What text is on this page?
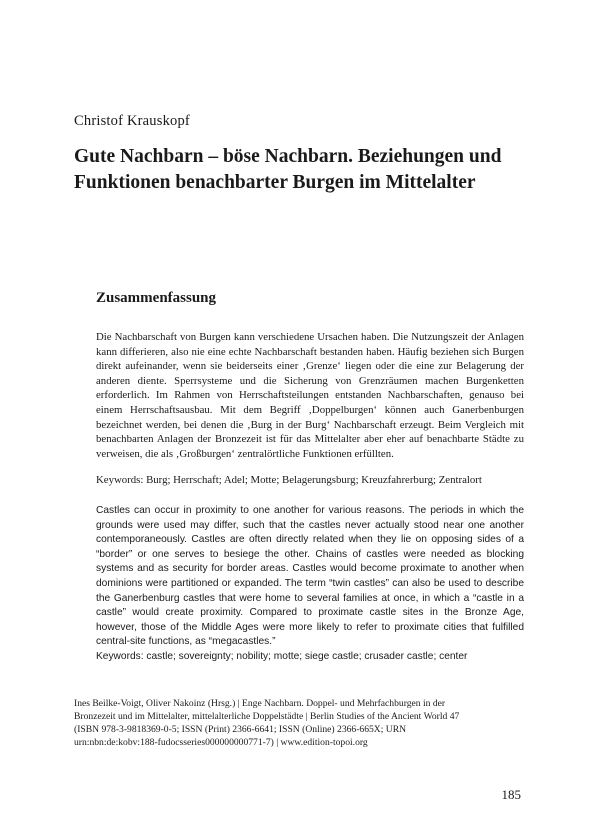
Christof Krauskopf
Gute Nachbarn – böse Nachbarn. Beziehungen und Funktionen benachbarter Burgen im Mittelalter
Zusammenfassung

Die Nachbarschaft von Burgen kann verschiedene Ursachen haben. Die Nutzungszeit der Anlagen kann differieren, also nie eine echte Nachbarschaft bestanden haben. Häufig beziehen sich Burgen direkt aufeinander, wenn sie beiderseits einer ‚Grenze‘ liegen oder die eine zur Belagerung der anderen diente. Sperrsysteme und die Sicherung von Grenzräumen machen Burgenketten erforderlich. Im Rahmen von Herrschaftsteilungen entstanden Nachbarschaften, genauso bei einem Herrschaftsausbau. Mit dem Begriff ‚Doppelburgen‘ können auch Ganerbenburgen bezeichnet werden, bei denen die ‚Burg in der Burg‘ Nachbarschaft erzeugt. Beim Vergleich mit benachbarten Anlagen der Bronzezeit ist für das Mittelalter aber eher auf benachbarte Städte zu verweisen, die als ‚Großburgen‘ zentralörtliche Funktionen erfüllten.

Keywords: Burg; Herrschaft; Adel; Motte; Belagerungsburg; Kreuzfahrerburg; Zentralort

Castles can occur in proximity to one another for various reasons. The periods in which the grounds were used may differ, such that the castles never actually stood near one another contemporaneously. Castles are often directly related when they lie on opposing sides of a “border” or one serves to besiege the other. Chains of castles were needed as blocking systems and as security for border areas. Castles would become proximate to another when dominions were partitioned or expanded. The term “twin castles” can also be used to describe the Ganerbenburg castles that were home to several families at once, in which a “castle in a castle” would create proximity. Compared to proximate castle sites in the Bronze Age, however, those of the Middle Ages were more likely to refer to proximate cities that fulfilled central-site functions, as “megacastles.”

Keywords: castle; sovereignty; nobility; motte; siege castle; crusader castle; center
Ines Beilke-Voigt, Oliver Nakoinz (Hrsg.) | Enge Nachbarn. Doppel- und Mehrfachburgen in der Bronzezeit und im Mittelalter, mittelalterliche Doppelstädte | Berlin Studies of the Ancient World 47 (ISBN 978-3-9818369-0-5; ISSN (Print) 2366-6641; ISSN (Online) 2366-665X; URN urn:nbn:de:kobv:188-fudocsseries000000000771-7) | www.edition-topoi.org
185
